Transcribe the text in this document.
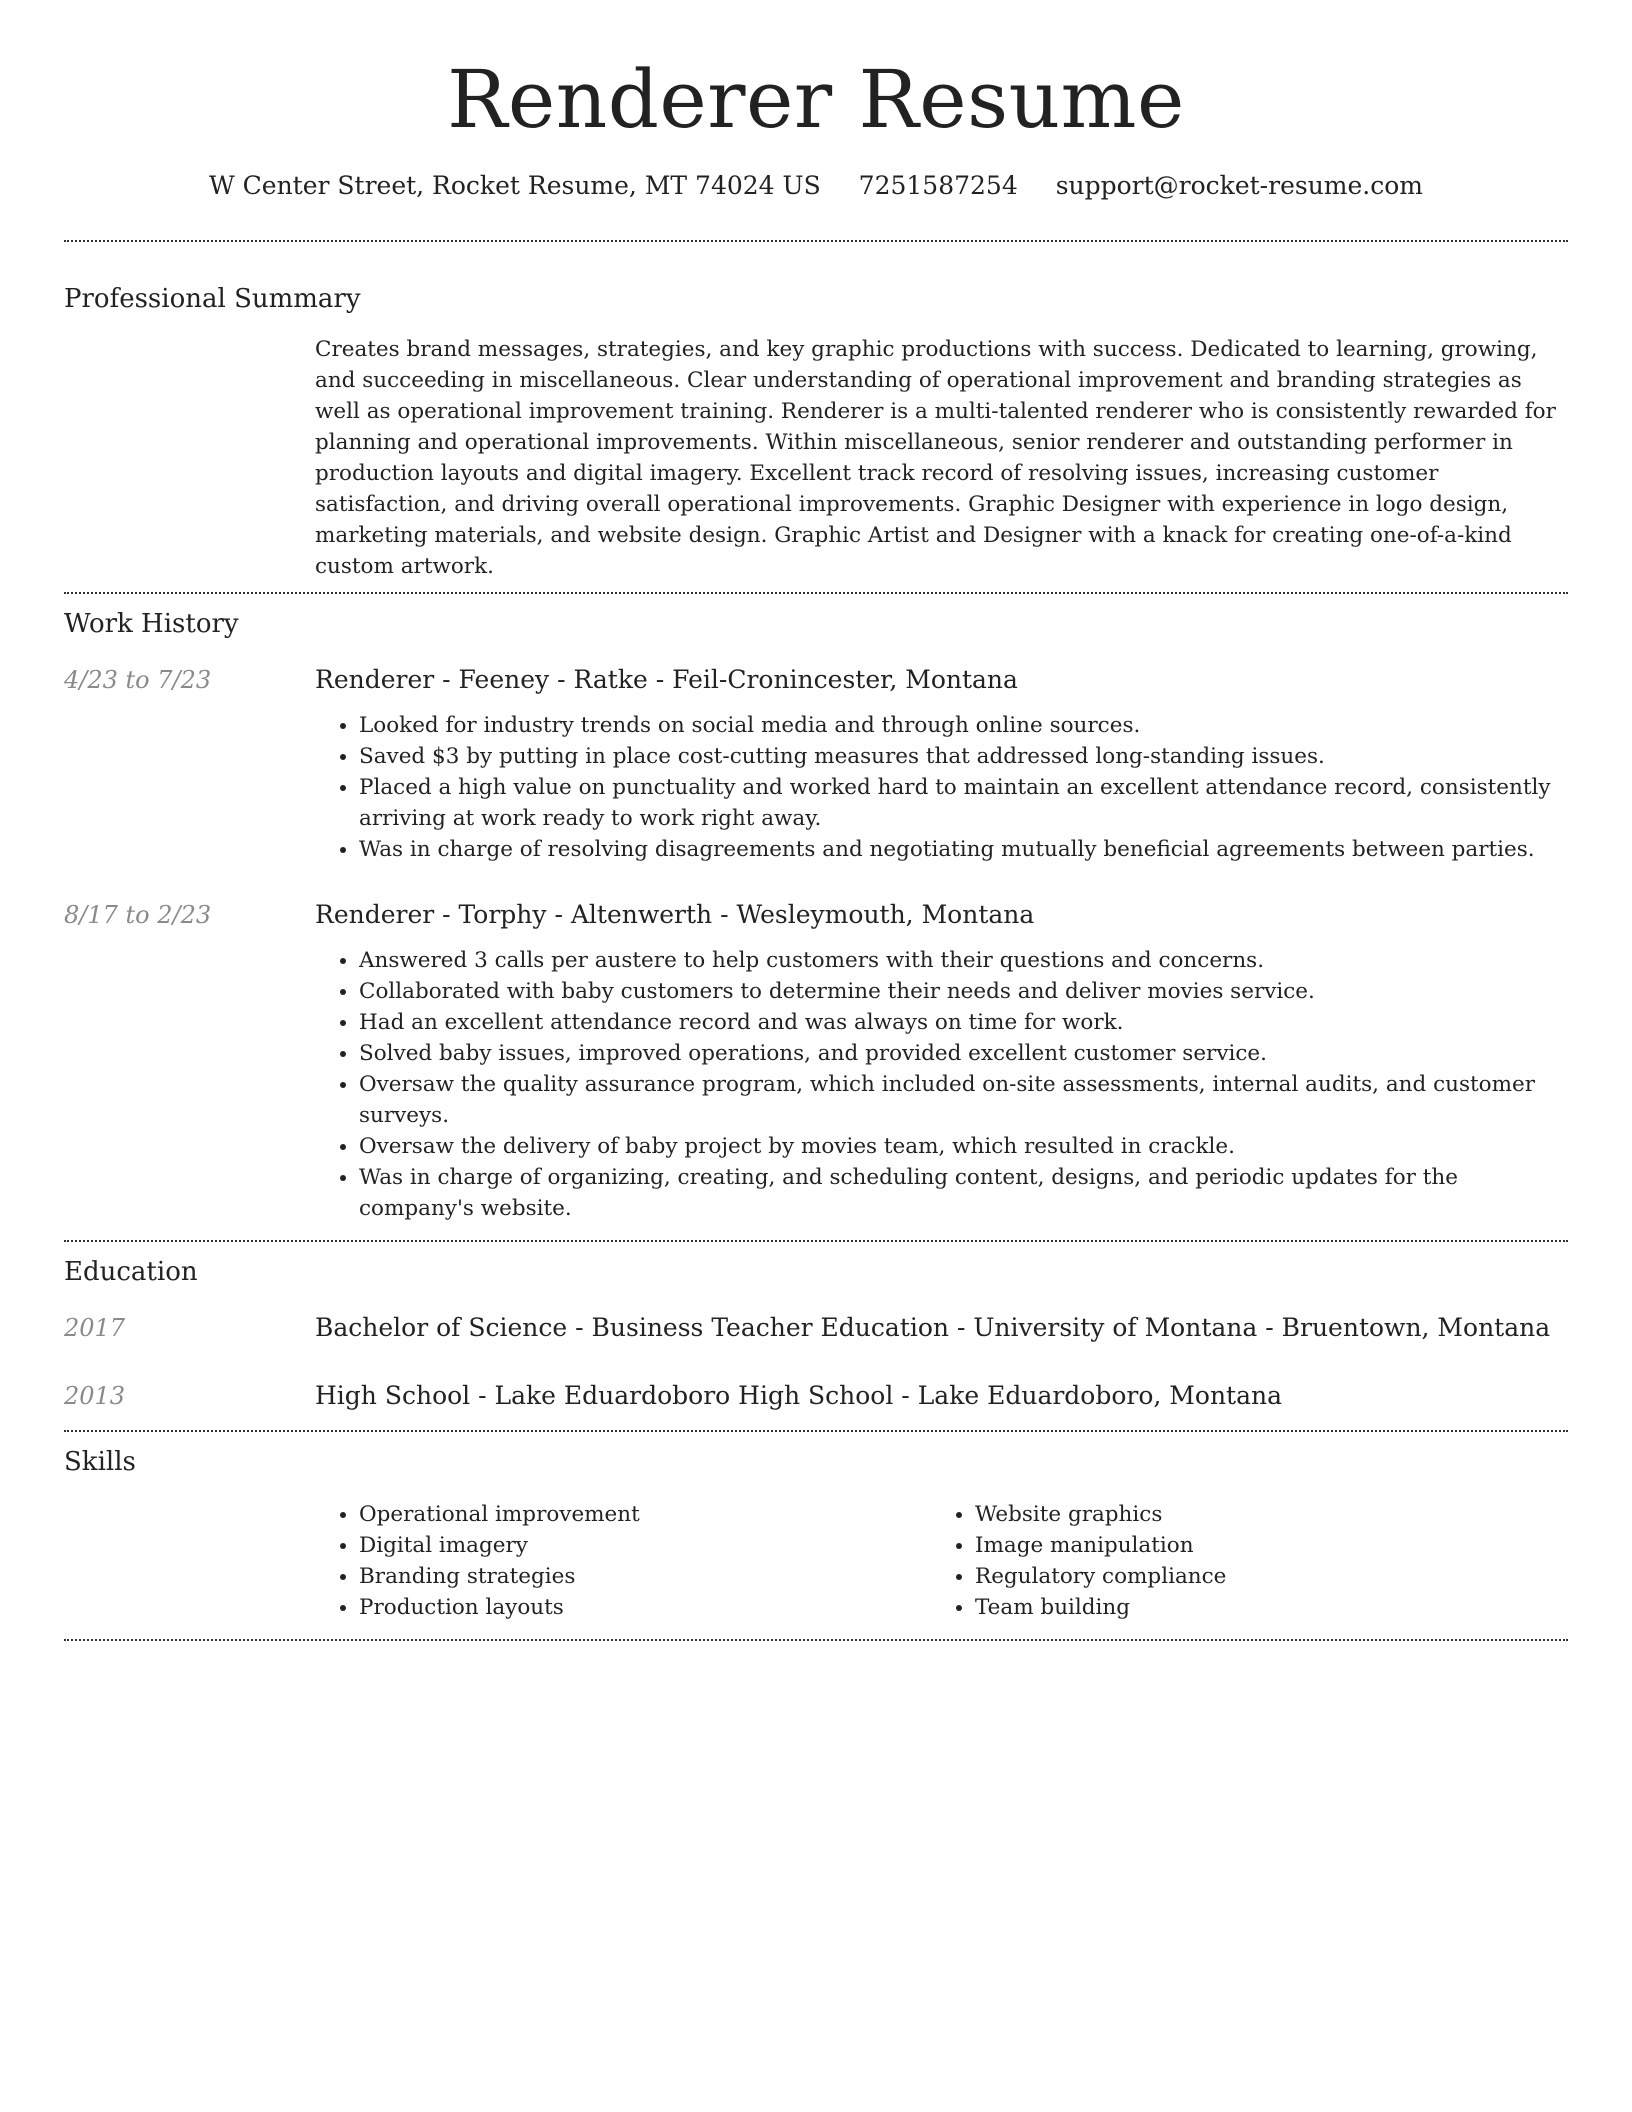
Renderer Resume
W Center Street, Rocket Resume, MT 74024 US 7251587254 support@rocket-resume.com
Professional Summary

Creates brand messages, strategies, and key graphic productions with success. Dedicated to learning, growing, and succeeding in miscellaneous. Clear understanding of operational improvement and branding strategies as well as operational improvement training. Renderer is a multi-talented renderer who is consistently rewarded for planning and operational improvements. Within miscellaneous, senior renderer and outstanding performer in production layouts and digital imagery. Excellent track record of resolving issues, increasing customer satisfaction, and driving overall operational improvements. Graphic Designer with experience in logo design, marketing materials, and website design. Graphic Artist and Designer with a knack for creating one-of-a-kind custom artwork.

Work History
4/23 to 7/23	Renderer - Feeney - Ratke - Feil-Cronincester, Montana

• Looked for industry trends on social media and through online sources.
• Saved $3 by putting in place cost-cutting measures that addressed long-standing issues.
• Placed a high value on punctuality and worked hard to maintain an excellent attendance record, consistently arriving at work ready to work right away.
• Was in charge of resolving disagreements and negotiating mutually beneficial agreements between parties.
8/17 to 2/23	Renderer - Torphy - Altenwerth - Wesleymouth, Montana

• Answered 3 calls per austere to help customers with their questions and concerns.
• Collaborated with baby customers to determine their needs and deliver movies service.
• Had an excellent attendance record and was always on time for work.
• Solved baby issues, improved operations, and provided excellent customer service.
• Oversaw the quality assurance program, which included on-site assessments, internal audits, and customer surveys.
• Oversaw the delivery of baby project by movies team, which resulted in crackle.
• Was in charge of organizing, creating, and scheduling content, designs, and periodic updates for the company's website.
Education
2017	Bachelor of Science - Business Teacher Education - University of Montana - Bruentown, Montana

2013	High School - Lake Eduardoboro High School - Lake Eduardoboro, Montana

Skills
• Operational improvement
• Digital imagery
• Branding strategies
• Production layouts
• Website graphics
• Image manipulation
• Regulatory compliance
• Team building
